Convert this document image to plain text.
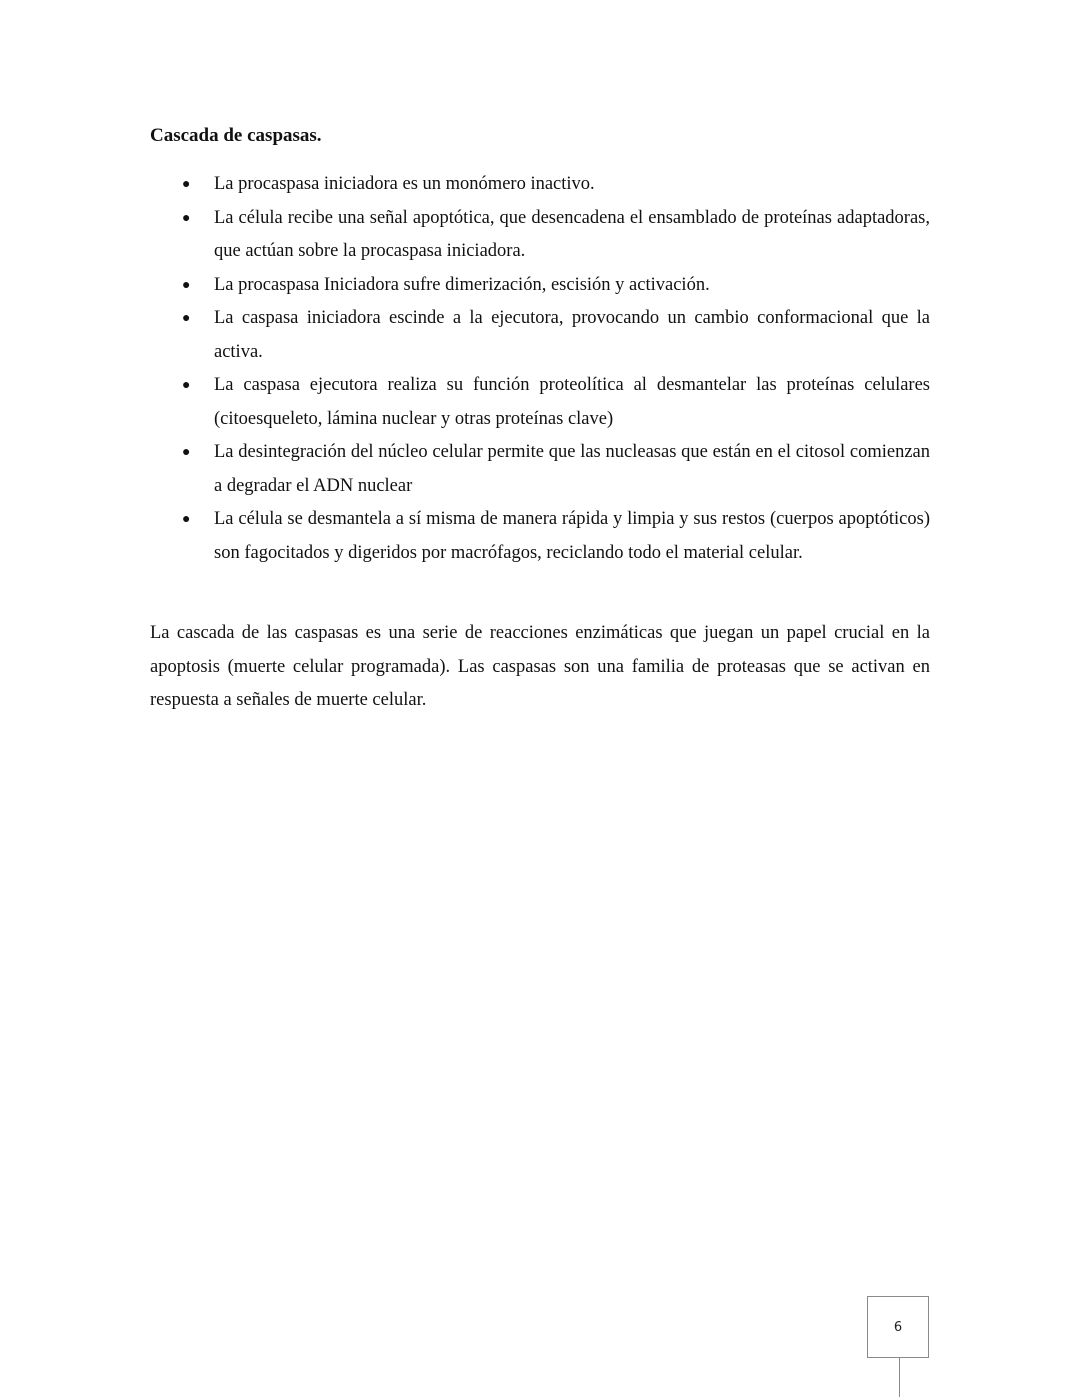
Cascada de caspasas.
● La procaspasa iniciadora es un monómero inactivo.
● La célula recibe una señal apoptótica, que desencadena el ensamblado de proteínas adaptadoras, que actúan sobre la procaspasa iniciadora.
● La procaspasa Iniciadora sufre dimerización, escisión y activación.
● La caspasa iniciadora escinde a la ejecutora, provocando un cambio conformacional que la activa.
● La caspasa ejecutora realiza su función proteolítica al desmantelar las proteínas celulares (citoesqueleto, lámina nuclear y otras proteínas clave)
● La desintegración del núcleo celular permite que las nucleasas que están en el citosol comienzan a degradar el ADN nuclear
● La célula se desmantela a sí misma de manera rápida y limpia y sus restos (cuerpos apoptóticos) son fagocitados y digeridos por macrófagos, reciclando todo el material celular.

La cascada de las caspasas es una serie de reacciones enzimáticas que juegan un papel crucial en la apoptosis (muerte celular programada). Las caspasas son una familia de proteasas que se activan en respuesta a señales de muerte celular.

6
